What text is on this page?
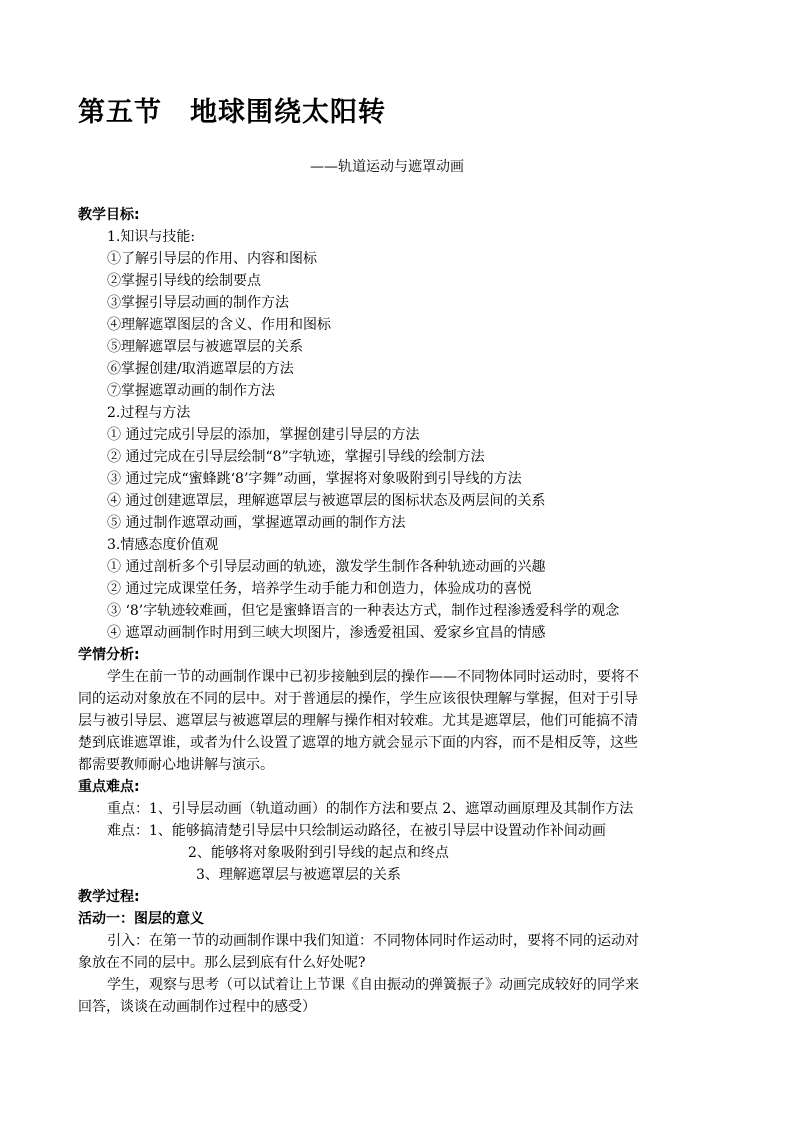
第五节　地球围绕太阳转
——轨道运动与遮罩动画
教学目标:
1.知识与技能:
①了解引导层的作用、内容和图标
②掌握引导线的绘制要点
③掌握引导层动画的制作方法
④理解遮罩图层的含义、作用和图标
⑤理解遮罩层与被遮罩层的关系
⑥掌握创建/取消遮罩层的方法
⑦掌握遮罩动画的制作方法
2.过程与方法
① 通过完成引导层的添加，掌握创建引导层的方法
② 通过完成在引导层绘制“8”字轨迹，掌握引导线的绘制方法
③ 通过完成“蜜蜂跳‘8’字舞”动画，掌握将对象吸附到引导线的方法
④ 通过创建遮罩层，理解遮罩层与被遮罩层的图标状态及两层间的关系
⑤ 通过制作遮罩动画，掌握遮罩动画的制作方法
3.情感态度价值观
① 通过剖析多个引导层动画的轨迹，激发学生制作各种轨迹动画的兴趣
② 通过完成课堂任务，培养学生动手能力和创造力，体验成功的喜悦
③ ‘8’字轨迹较难画，但它是蜜蜂语言的一种表达方式，制作过程渗透爱科学的观念
④ 遮罩动画制作时用到三峡大坝图片，渗透爱祖国、爱家乡宜昌的情感
学情分析:
学生在前一节的动画制作课中已初步接触到层的操作——不同物体同时运动时，要将不
同的运动对象放在不同的层中。对于普通层的操作，学生应该很快理解与掌握，但对于引导
层与被引导层、遮罩层与被遮罩层的理解与操作相对较难。尤其是遮罩层，他们可能搞不清
楚到底谁遮罩谁，或者为什么设置了遮罩的地方就会显示下面的内容，而不是相反等，这些
都需要教师耐心地讲解与演示。
重点难点:
重点：1、引导层动画（轨道动画）的制作方法和要点 2、遮罩动画原理及其制作方法
难点：1、能够搞清楚引导层中只绘制运动路径，在被引导层中设置动作补间动画
2、能够将对象吸附到引导线的起点和终点
3、理解遮罩层与被遮罩层的关系
教学过程:
活动一：图层的意义
引入：在第一节的动画制作课中我们知道：不同物体同时作运动时，要将不同的运动对
象放在不同的层中。那么层到底有什么好处呢?
学生，观察与思考（可以试着让上节课《自由振动的弹簧振子》动画完成较好的同学来
回答，谈谈在动画制作过程中的感受）
